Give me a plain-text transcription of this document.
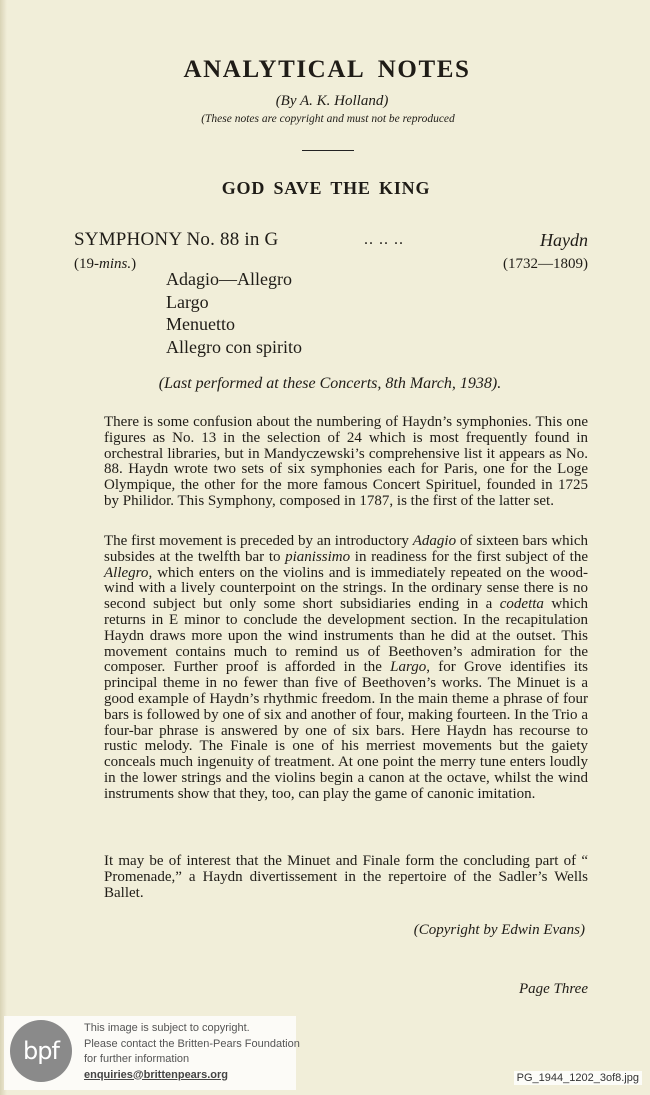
ANALYTICAL NOTES

(By A. K. Holland)

(These notes are copyright and must not be reproduced

GOD SAVE THE KING
SYMPHONY No. 88 in G	.. .. ..	Haydn
(19-mins.)	(1732—1809)
Adagio—Allegro
Largo
Menuetto
Allegro con spirito

(Last performed at these Concerts, 8th March, 1938).

There is some confusion about the numbering of Haydn’s symphonies. This one figures as No. 13 in the selection of 24 which is most frequently found in orchestral libraries, but in Mandyczewski’s comprehensive list it appears as No. 88. Haydn wrote two sets of six symphonies each for Paris, one for the Loge Olympique, the other for the more famous Concert Spirituel, founded in 1725 by Philidor. This Symphony, composed in 1787, is the first of the latter set.

The first movement is preceded by an introductory Adagio of sixteen bars which subsides at the twelfth bar to pianissimo in readiness for the first subject of the Allegro, which enters on the violins and is immediately repeated on the wood-wind with a lively counterpoint on the strings. In the ordinary sense there is no second subject but only some short subsidiaries ending in a codetta which returns in E minor to conclude the development section. In the recapitulation Haydn draws more upon the wind instruments than he did at the outset. This movement contains much to remind us of Beethoven’s admiration for the composer. Further proof is afforded in the Largo, for Grove identifies its principal theme in no fewer than five of Beethoven’s works. The Minuet is a good example of Haydn’s rhythmic freedom. In the main theme a phrase of four bars is followed by one of six and another of four, making fourteen. In the Trio a four-bar phrase is answered by one of six bars. Here Haydn has recourse to rustic melody. The Finale is one of his merriest movements but the gaiety conceals much ingenuity of treatment. At one point the merry tune enters loudly in the lower strings and the violins begin a canon at the octave, whilst the wind instruments show that they, too, can play the game of canonic imitation.

It may be of interest that the Minuet and Finale form the concluding part of “ Promenade,” a Haydn divertissement in the repertoire of the Sadler’s Wells Ballet.

(Copyright by Edwin Evans)
Page Three
bpf
This image is subject to copyright.
Please contact the Britten-Pears Foundation
for further information
enquiries@brittenpears.org	PG_1944_1202_3of8.jpg
